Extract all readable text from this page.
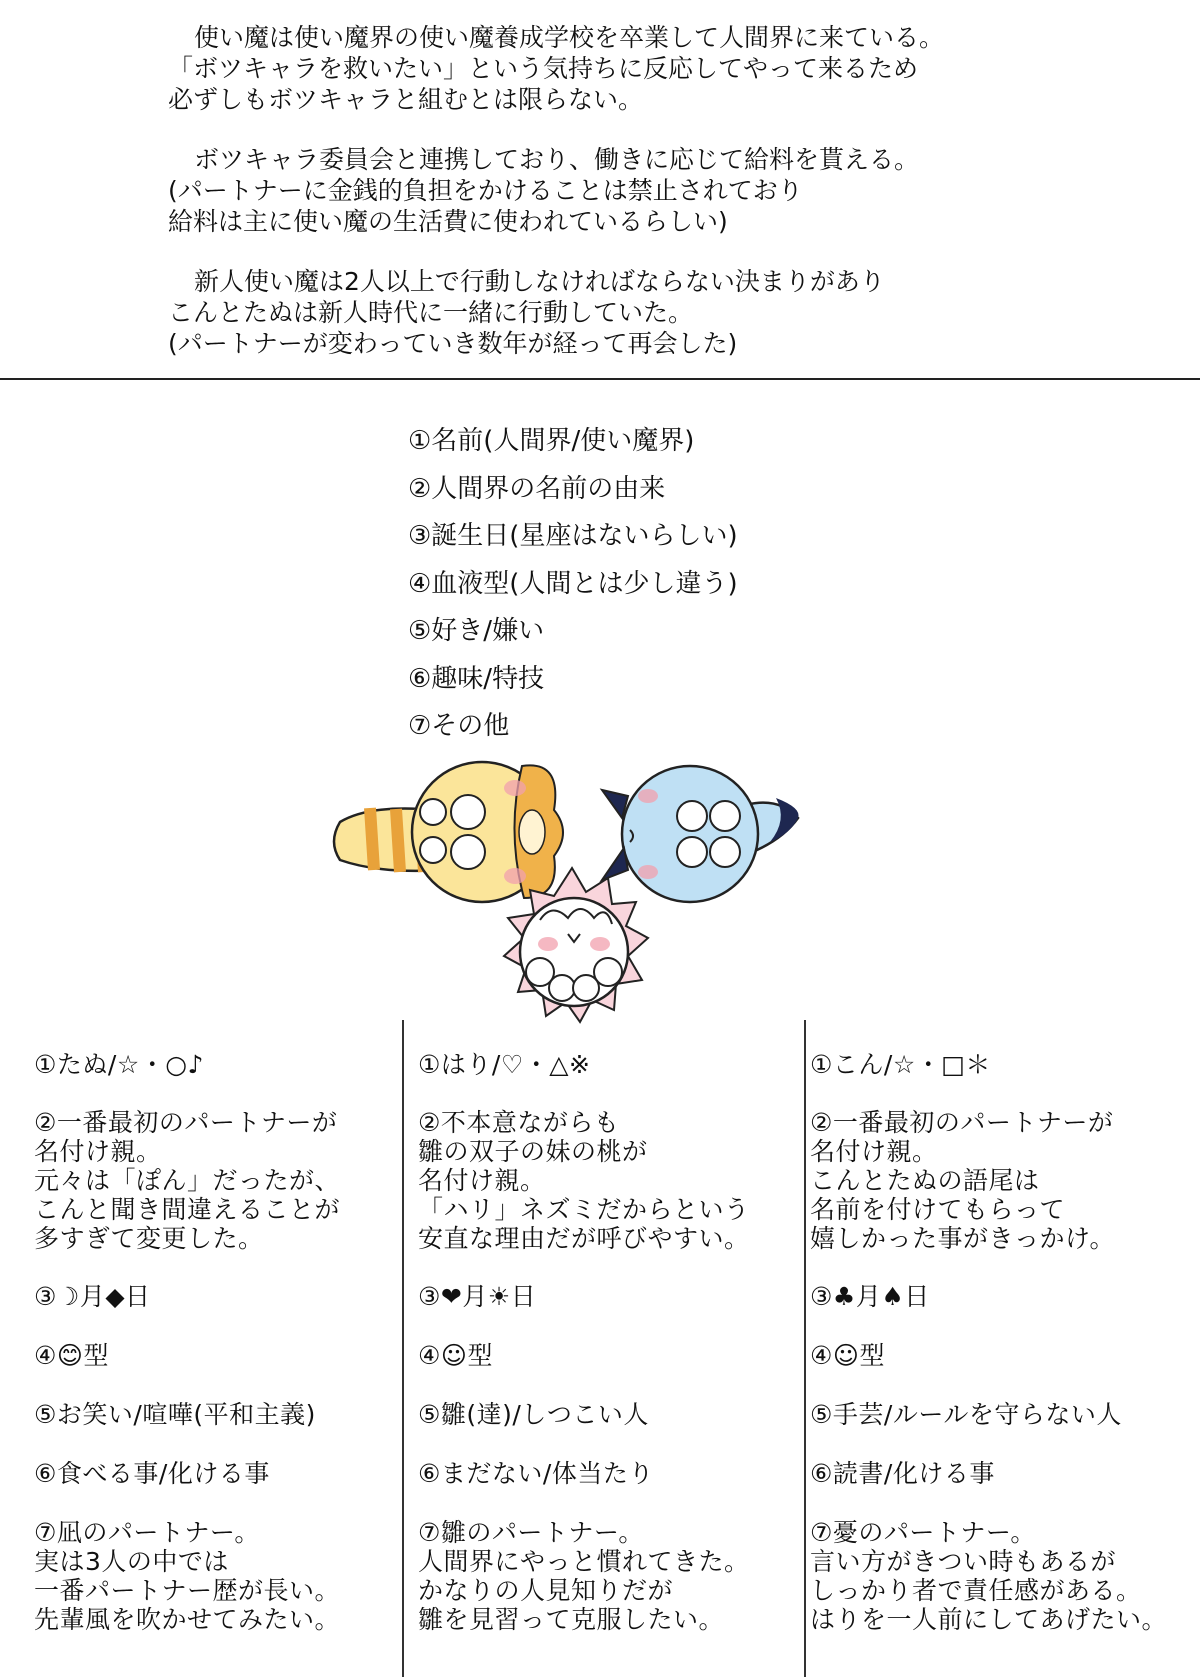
使い魔は使い魔界の使い魔養成学校を卒業して人間界に来ている。
「ボツキャラを救いたい」という気持ちに反応してやって来るため
必ずしもボツキャラと組むとは限らない。
ボツキャラ委員会と連携しており、働きに応じて給料を貰える。
(パートナーに金銭的負担をかけることは禁止されており
給料は主に使い魔の生活費に使われているらしい)
新人使い魔は2人以上で行動しなければならない決まりがあり
こんとたぬは新人時代に一緒に行動していた。
(パートナーが変わっていき数年が経って再会した)
①名前(人間界/使い魔界)
②人間界の名前の由来
③誕生日(星座はないらしい)
④血液型(人間とは少し違う)
⑤好き/嫌い
⑥趣味/特技
⑦その他

①たぬ/☆・○♪

②一番最初のパートナーが
名付け親。
元々は「ぽん」だったが、
こんと聞き間違えることが
多すぎて変更した。

③☽月◆日

④😊型

⑤お笑い/喧嘩(平和主義)

⑥食べる事/化ける事

⑦凪のパートナー。
実は3人の中では
一番パートナー歴が長い。
先輩風を吹かせてみたい。

①はり/♡・△※

②不本意ながらも
雛の双子の妹の桃が
名付け親。
「ハリ」ネズミだからという
安直な理由だが呼びやすい。

③❤月☀日

④☺型

⑤雛(達)/しつこい人

⑥まだない/体当たり

⑦雛のパートナー。
人間界にやっと慣れてきた。
かなりの人見知りだが
雛を見習って克服したい。

①こん/☆・□＊

②一番最初のパートナーが
名付け親。
こんとたぬの語尾は
名前を付けてもらって
嬉しかった事がきっかけ。

③♣月♠日

④☺型

⑤手芸/ルールを守らない人

⑥読書/化ける事

⑦憂のパートナー。
言い方がきつい時もあるが
しっかり者で責任感がある。
はりを一人前にしてあげたい。
